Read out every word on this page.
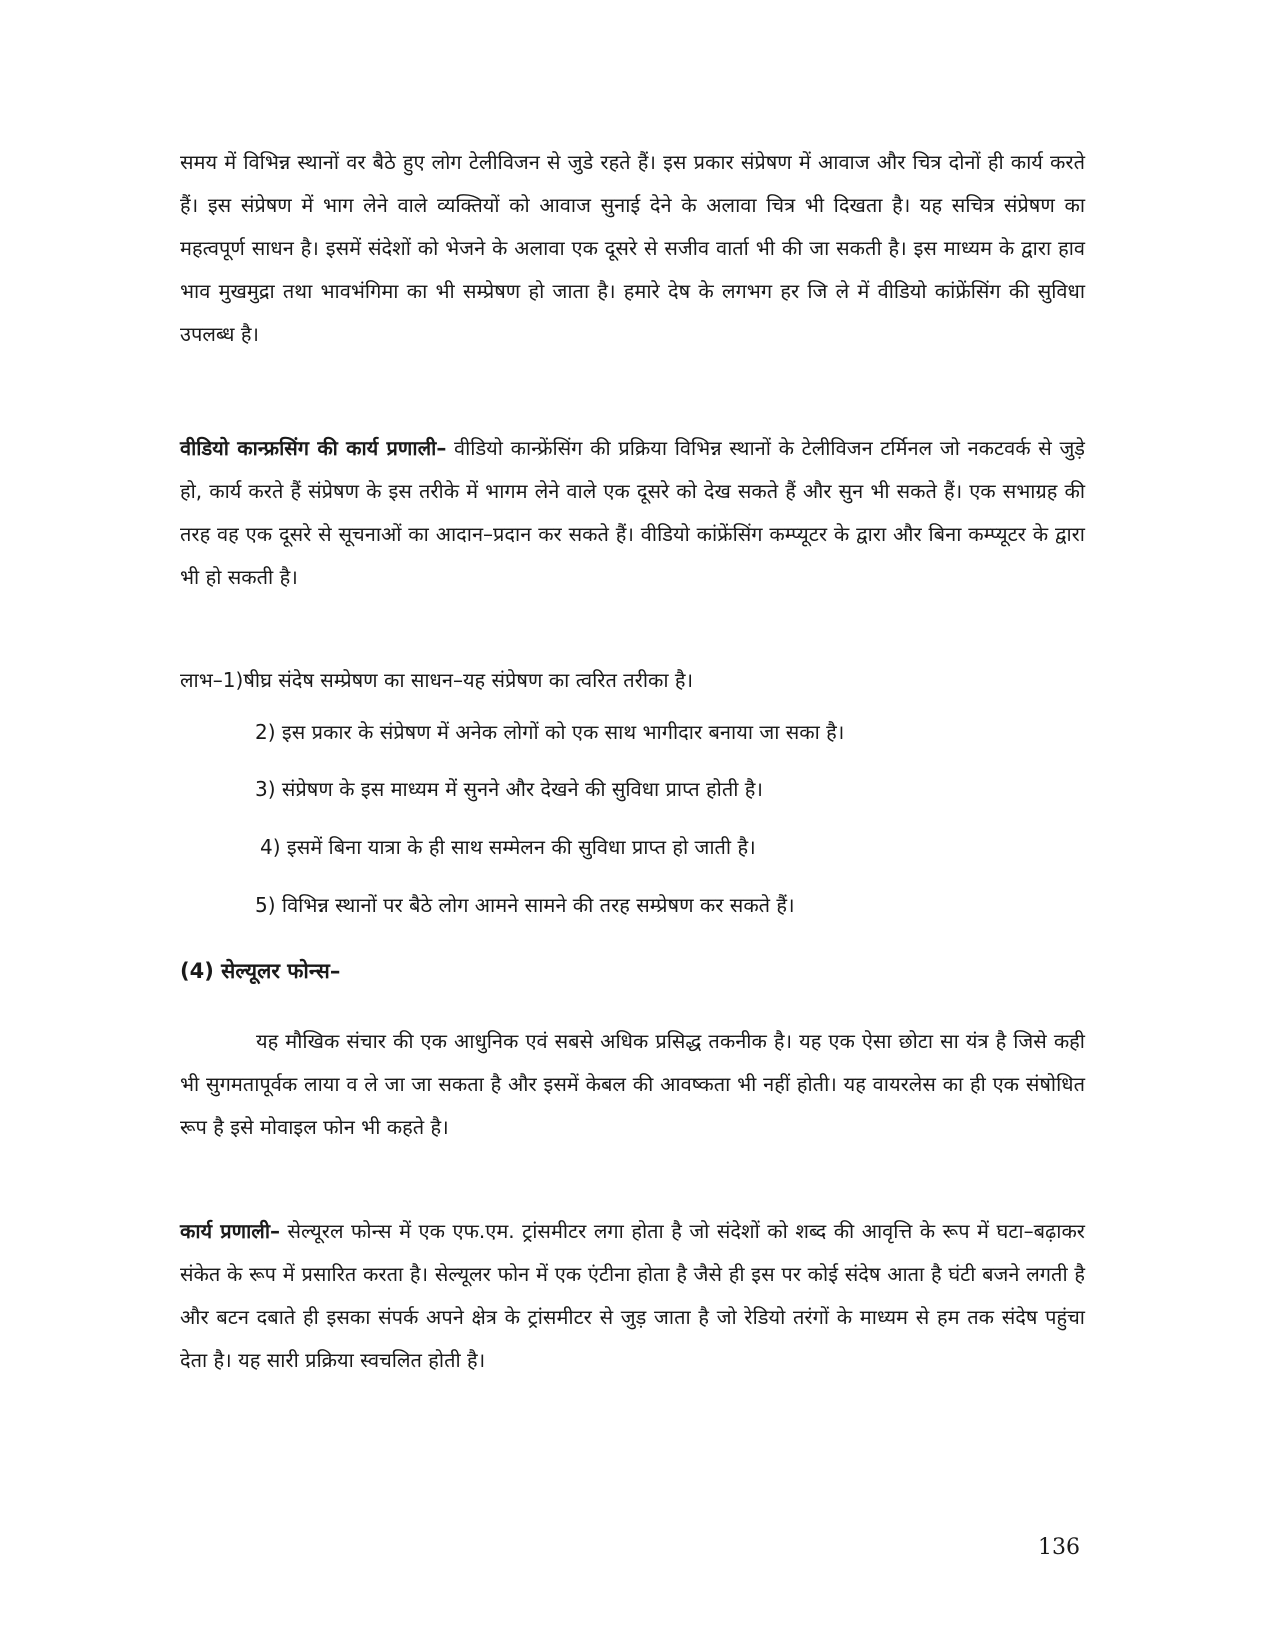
समय में विभिन्न स्थानों वर बैठे हुए लोग टेलीविजन से जुडे रहते हैं। इस प्रकार संप्रेषण में आवाज और चित्र दोनों ही कार्य करते हैं। इस संप्रेषण में भाग लेने वाले व्यक्तियों को आवाज सुनाई देने के अलावा चित्र भी दिखता है। यह सचित्र संप्रेषण का महत्वपूर्ण साधन है। इसमें संदेशों को भेजने के अलावा एक दूसरे से सजीव वार्ता भी की जा सकती है। इस माध्यम के द्वारा हाव भाव मुखमुद्रा तथा भावभंगिमा का भी सम्प्रेषण हो जाता है। हमारे देष के लगभग हर जि ले में वीडियो कांफ्रेंसिंग की सुविधा उपलब्ध है।

वीडियो कान्फ्रसिंग की कार्य प्रणाली– वीडियो कान्फ्रेंसिंग की प्रक्रिया विभिन्न स्थानों के टेलीविजन टर्मिनल जो नकटवर्क से जुड़े हो, कार्य करते हैं संप्रेषण के इस तरीके में भागम लेने वाले एक दूसरे को देख सकते हैं और सुन भी सकते हैं। एक सभाग्रह की तरह वह एक दूसरे से सूचनाओं का आदान–प्रदान कर सकते हैं। वीडियो कांफ्रेंसिंग कम्प्यूटर के द्वारा और बिना कम्प्यूटर के द्वारा भी हो सकती है।

लाभ–1)षीघ्र संदेष सम्प्रेषण का साधन–यह संप्रेषण का त्वरित तरीका है।

2) इस प्रकार के संप्रेषण में अनेक लोगों को एक साथ भागीदार बनाया जा सका है।
3) संप्रेषण के इस माध्यम में सुनने और देखने की सुविधा प्राप्त होती है।
4) इसमें बिना यात्रा के ही साथ सम्मेलन की सुविधा प्राप्त हो जाती है।
5) विभिन्न स्थानों पर बैठे लोग आमने सामने की तरह सम्प्रेषण कर सकते हैं।
(4) सेल्यूलर फोन्स–

यह मौखिक संचार की एक आधुनिक एवं सबसे अधिक प्रसिद्ध तकनीक है। यह एक ऐसा छोटा सा यंत्र है जिसे कही भी सुगमतापूर्वक लाया व ले जा जा सकता है और इसमें केबल की आवष्कता भी नहीं होती। यह वायरलेस का ही एक संषोधित रूप है इसे मोवाइल फोन भी कहते है।

कार्य प्रणाली– सेल्यूरल फोन्स में एक एफ.एम. ट्रांसमीटर लगा होता है जो संदेशों को शब्द की आवृत्ति के रूप में घटा–बढ़ाकर संकेत के रूप में प्रसारित करता है। सेल्यूलर फोन में एक एंटीना होता है जैसे ही इस पर कोई संदेष आता है घंटी बजने लगती है और बटन दबाते ही इसका संपर्क अपने क्षेत्र के ट्रांसमीटर से जुड़ जाता है जो रेडियो तरंगों के माध्यम से हम तक संदेष पहुंचा देता है। यह सारी प्रक्रिया स्वचलित होती है।

136
